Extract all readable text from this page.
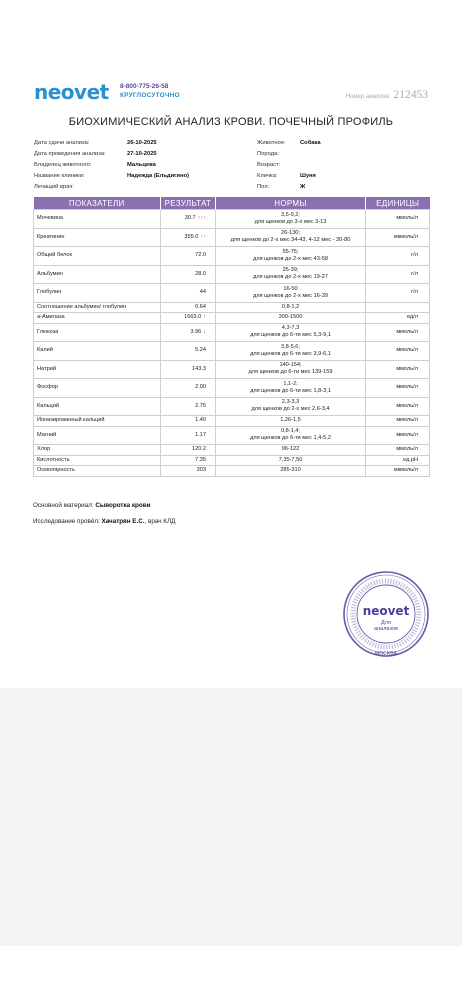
neovet 8-800-775-26-58
КРУГЛОСУТОЧНО	Номер анализа: 212453
БИОХИМИЧЕСКИЙ АНАЛИЗ КРОВИ. ПОЧЕЧНЫЙ ПРОФИЛЬ
Дата сдачи анализа:	26-10-2025
Дата проведения анализа:	27-10-2025
Владелец животного:	Мальцева
Название клиники:	Надежда (Ельдигино)
Лечащий врач:
Животное:	Собака
Порода:
Возраст:
Кличка:	Шуня
Пол:	Ж
ПОКАЗАТЕЛИ	РЕЗУЛЬТАТ	НОРМЫ	ЕДИНИЦЫ
Мочевина	30.7 ↑↑↑	3,5-9,2;
для щенков до 3-х мес 3-13	ммоль/л
Креатинин	355.0 ↑↑	26-130;
для щенков до 2-х мес 34-43, 4-12 мес - 30-80	мкмоль/л
Общий белок	72.0	55-75;
для щенков до 2-х мес 43-58	г/л
Альбумин	28.0	25-39;
для щенков до 2-х мес 19-27	г/л
Глобулин	44	16-50
для щенков до 2-х мес 16-39	г/л
Соотношение альбумин/ глобулин	0.64	0,8-1,2	

а-Амилаза	1663.0 ↑	300-1500	ед/л
Глюкоза	3.96 ↓	4,3-7,3
для щенков до 6-ти мес 5,3-9,1	ммоль/л
Калий	5.24	3,8-5,6;
для щенков до 6-ти мес 3,9-6,1	ммоль/л
Натрий	143.3	140-154;
для щенков до 6-ти мес 139-159	ммоль/л
Фосфор	2.00	1,1-2;
для щенков до 6-ти мес 1,8-3,1	ммоль/л
Кальций	2.75	2,3-3,3
для щенков до 2-х мес 2,6-3,4	ммоль/л
Ионизированный кальций	1.40	1,26-1,5	ммоль/л
Магний	1.17	0,8-1,4;
для щенков до 6-ти мес 1,4-5,2	ммоль/л
Хлор	120.2	96-122	ммоль/л
Кислотность	7.35	7,35-7,50	ед.рН
Осмолярность	303	285-310	мкмоль/л
Основной материал: Сыворотка крови
Исследование провёл: Хачатрян Е.С., врач КЛД
МОСКВА
neovet
Для
анализов
